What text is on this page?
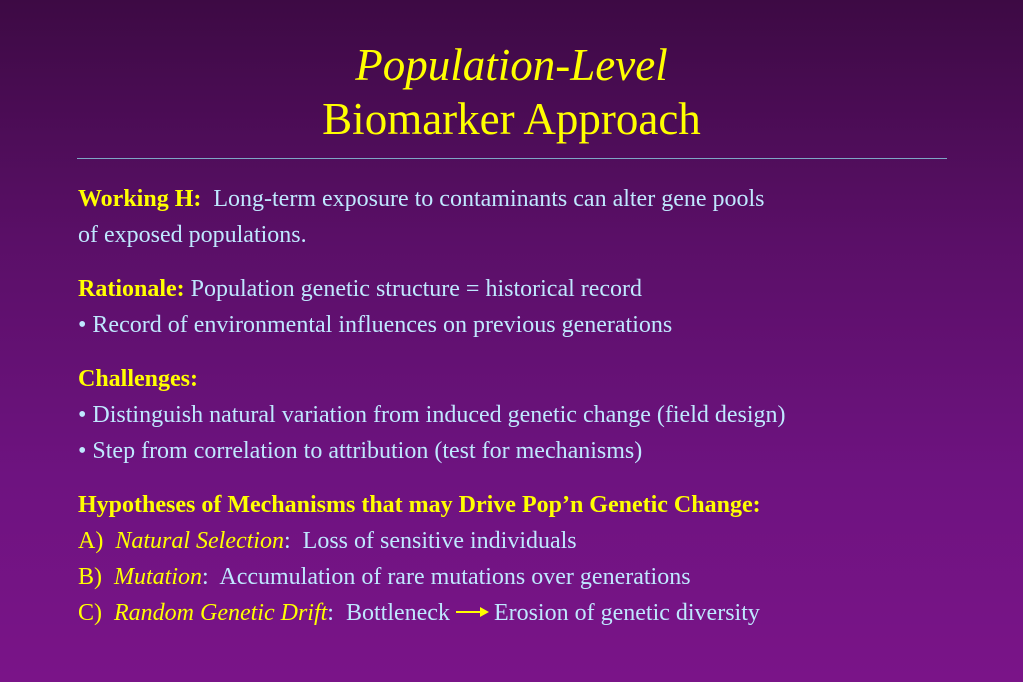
Population-Level
Biomarker Approach
Working H: Long-term exposure to contaminants can alter gene pools
of exposed populations.
Rationale: Population genetic structure = historical record
• Record of environmental influences on previous generations
Challenges:
• Distinguish natural variation from induced genetic change (field design)
• Step from correlation to attribution (test for mechanisms)
Hypotheses of Mechanisms that may Drive Pop’n Genetic Change:
A) Natural Selection: Loss of sensitive individuals
B) Mutation: Accumulation of rare mutations over generations
C) Random Genetic Drift: Bottleneck Erosion of genetic diversity
